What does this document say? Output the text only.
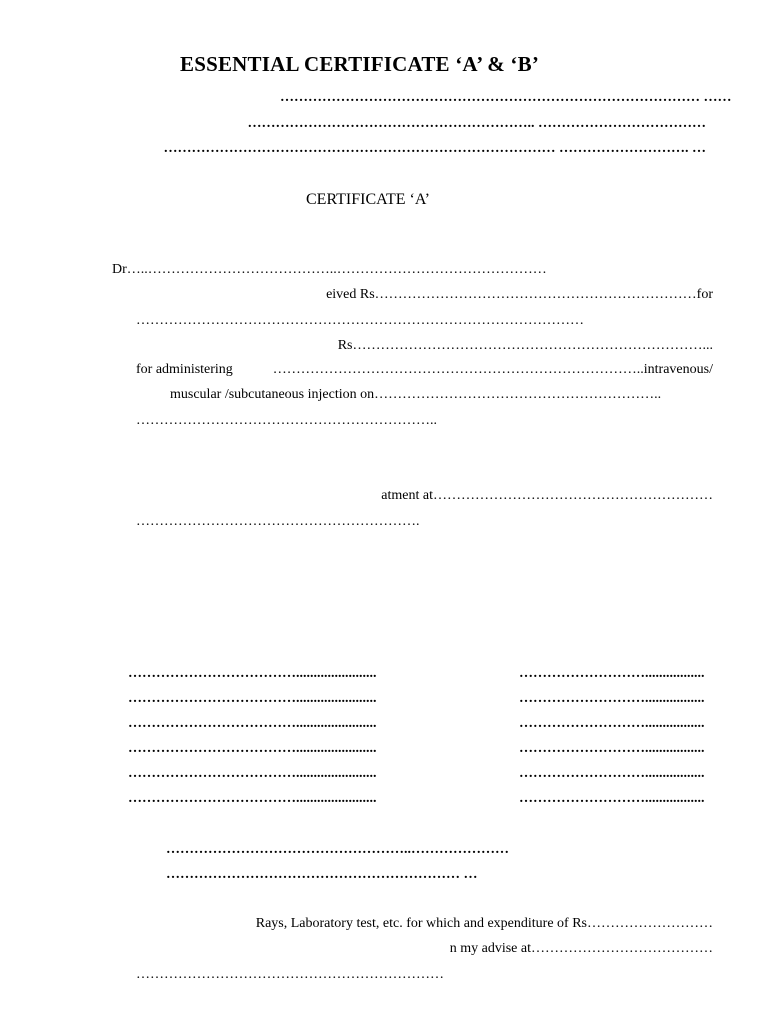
ESSENTIAL CERTIFICATE ‘A’ & ‘B’
……………………………………………………………………………… ……
…………………………………………………….. ………………………………
………………………………………………………………………… ………………………. …
CERTIFICATE ‘A’
Dr…..…………………………………..………………………………………
eived Rs……………………………………………………………for
……………………………………………………………………………………
Rs…………………………………………………………………...
for administering	……………………………………………………………………..intravenous/
muscular /subcutaneous injection on……………………………………………………..
………………………………………………………..
atment at……………………………………………………
…………………………………………………….
……………………………….......................
……………………………….......................
……………………………….......................
……………………………….......................
……………………………….......................
……………………………….......................
……………………….................
……………………….................
……………………….................
……………………….................
……………………….................
……………………….................
……………………………………………..…………………
……………………………………………………… …
Rays, Laboratory test, etc. for which and expenditure of Rs………………………
n my advise at…………………………………
…………………………………………………………
